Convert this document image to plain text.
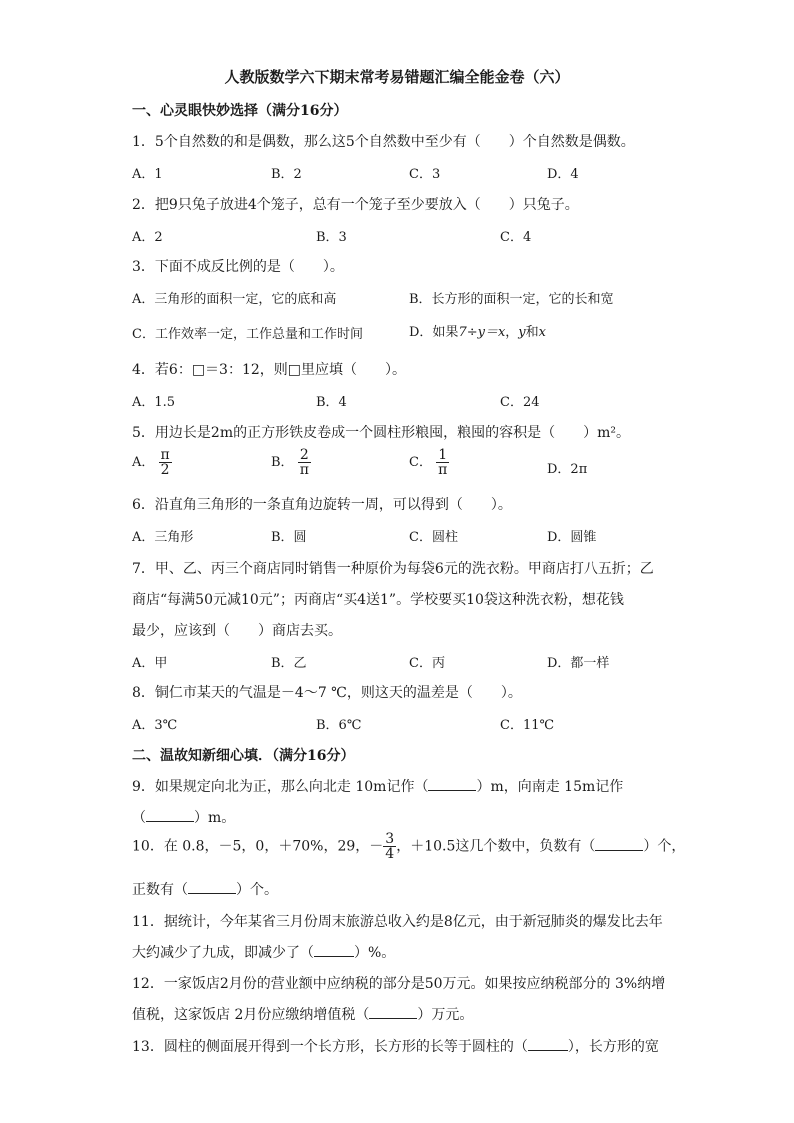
人教版数学六下期末常考易错题汇编全能金卷（六）
一、心灵眼快妙选择（满分16分）
1．5个自然数的和是偶数，那么这5个自然数中至少有（　　）个自然数是偶数。
A．1	B．2	C．3	D．4
2．把9只兔子放进4个笼子，总有一个笼子至少要放入（　　）只兔子。
A．2	B．3	C．4
3．下面不成反比例的是（　　）。
A．三角形的面积一定，它的底和高	B．长方形的面积一定，它的长和宽
C．工作效率一定，工作总量和工作时间	D．如果7÷y＝x，y和x
4．若6：□＝3：12，则□里应填（　　）。
A．1.5	B．4	C．24
5．用边长是2m的正方形铁皮卷成一个圆柱形粮囤，粮囤的容积是（　　）m²。
A． $\frac{\pi}{2}$	B． $\frac{2}{\pi}$	C． $\frac{1}{\pi}$	D．2π
6．沿直角三角形的一条直角边旋转一周，可以得到（　　）。
A．三角形	B．圆	C．圆柱	D．圆锥
7．甲、乙、丙三个商店同时销售一种原价为每袋6元的洗衣粉。甲商店打八五折；乙
商店“每满50元减10元”；丙商店“买4送1”。学校要买10袋这种洗衣粉，想花钱
最少，应该到（　　）商店去买。
A．甲	B．乙	C．丙	D．都一样
8．铜仁市某天的气温是－4～7 ℃，则这天的温差是（　　）。
A．3℃	B．6℃	C．11℃
二、温故知新细心填．（满分16分）
9．如果规定向北为正，那么向北走 10m记作（	）m，向南走 15m记作
（	）m。
10．在 0.8，－5，0，＋70%，29，－ $\frac{3}{4}$ ，＋10.5这几个数中，负数有（	）个，
正数有（	）个。
11．据统计，今年某省三月份周末旅游总收入约是8亿元，由于新冠肺炎的爆发比去年
大约减少了九成，即减少了（	）%。
12．一家饭店2月份的营业额中应纳税的部分是50万元。如果按应纳税部分的 3%纳增
值税，这家饭店 2月份应缴纳增值税（	）万元。
13．圆柱的侧面展开得到一个长方形，长方形的长等于圆柱的（	），长方形的宽
